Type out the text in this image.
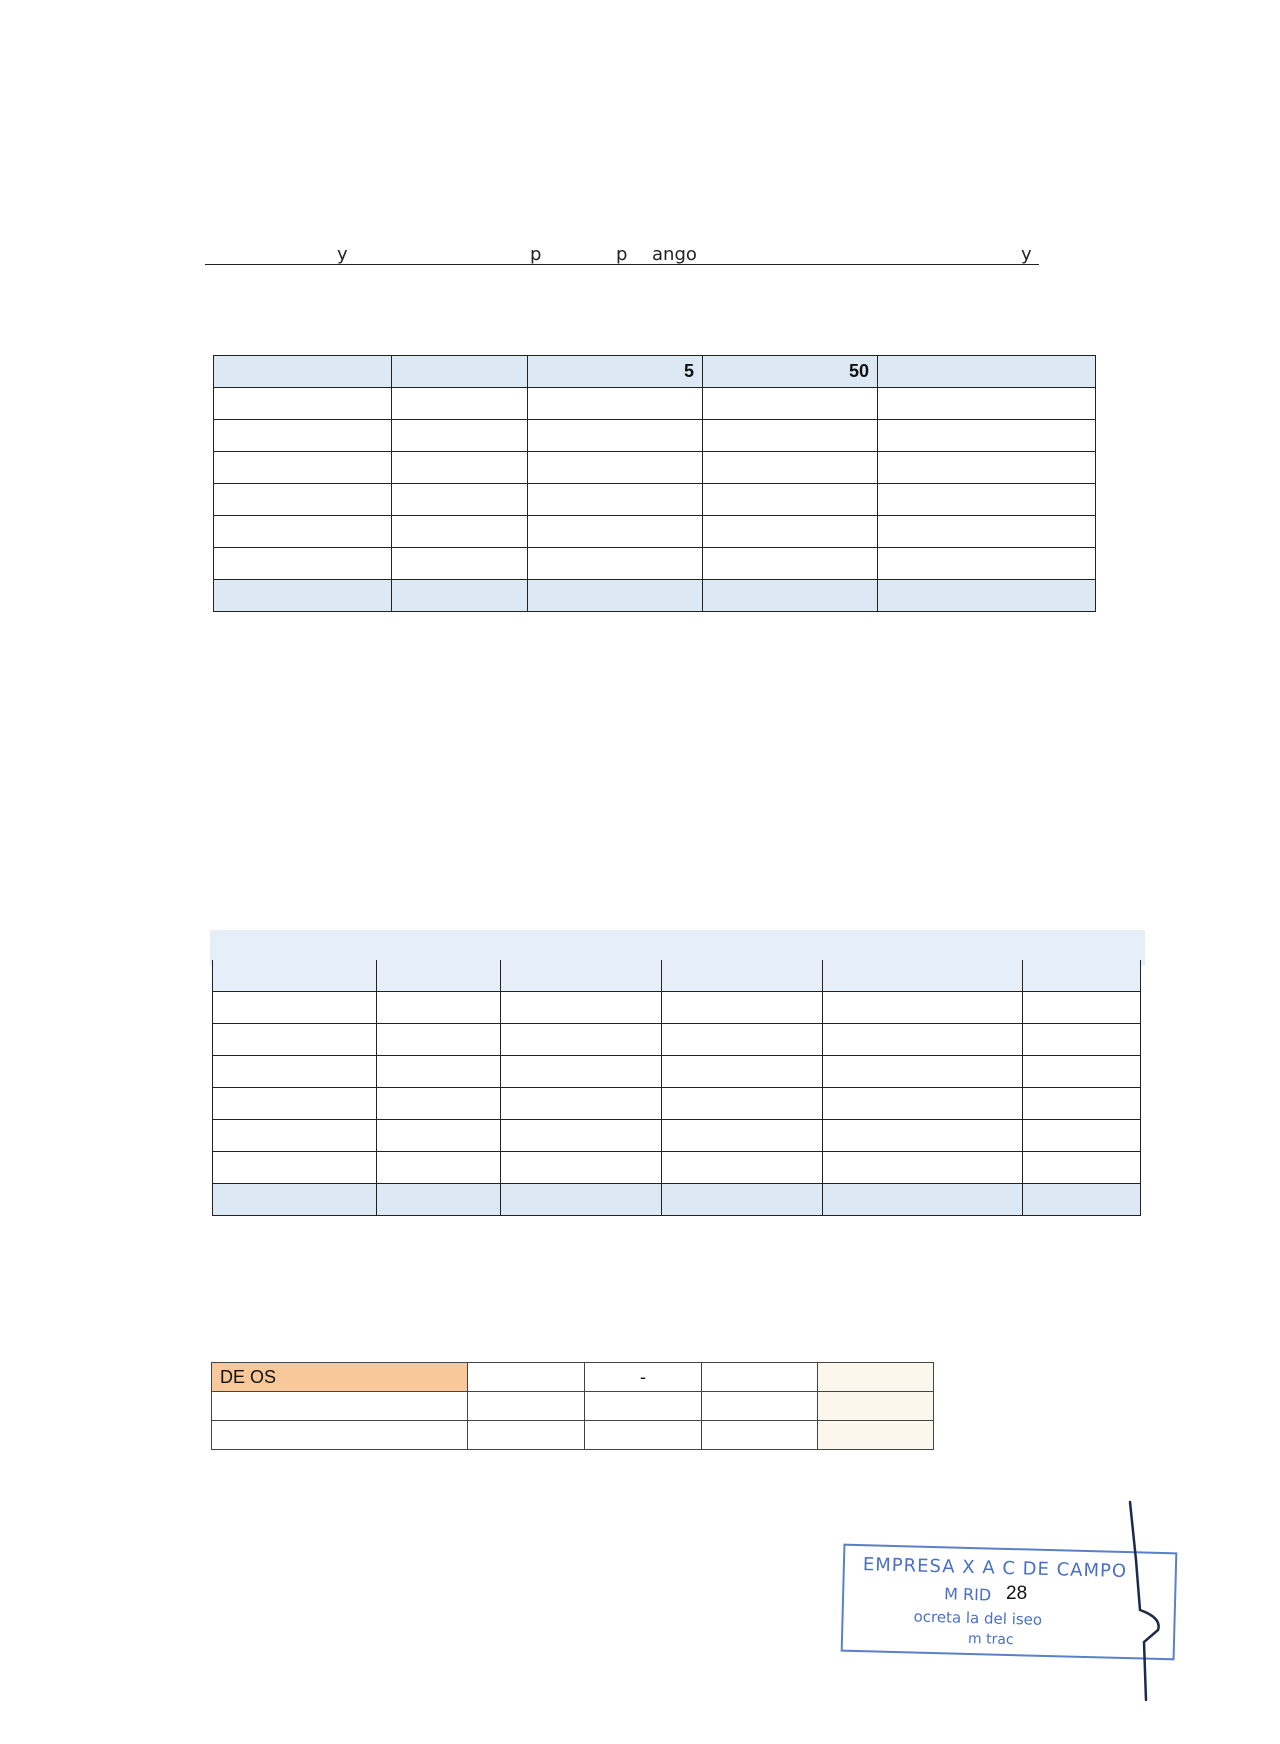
y	p	p ango	y
		5	50	

DE OS		-		

EMPRESA X A C DE CAMPO
M RID
ocreta la del iseo
m trac
28
